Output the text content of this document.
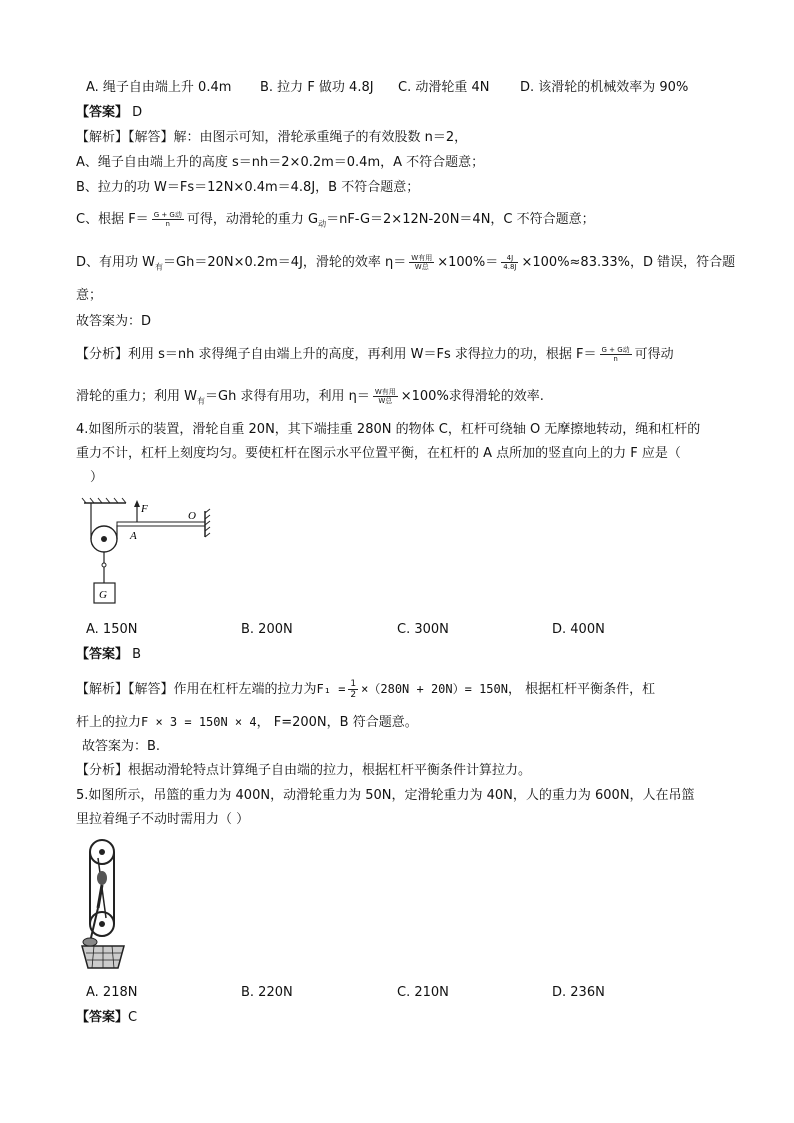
A. 绳子自由端上升 0.4m B. 拉力 F 做功 4.8J C. 动滑轮重 4N D. 该滑轮的机械效率为 90%
【答案】 D
【解析】【解答】解：由图示可知，滑轮承重绳子的有效股数 n＝2，
A、绳子自由端上升的高度 s＝nh＝2×0.2m＝0.4m，A 不符合题意；
B、拉力的功 W＝Fs＝12N×0.4m＝4.8J，B 不符合题意；
C、根据 $F= \frac{\text{G + G动}}{n}$ 可得，动滑轮的重力 $G_动=nF-G=2\times 12N-20N=4N$，C 不符合题意；
D、有用功 $W_有=Gh=20N\times 0.2m=4J$，滑轮的效率 $\eta= \frac{\text{W有用}}{\text{W总}} \times 100\%= \frac{4J}{4.8J} \times 100\%\approx 83.33\%$，D 错误，符合题
意；
故答案为：D
【分析】利用 s＝nh 求得绳子自由端上升的高度，再利用 W＝Fs 求得拉力的功，根据 $F= \frac{\text{G + G动}}{n}$ 可得动
滑轮的重力；利用 $W_有=Gh$ 求得有用功，利用 $\eta= \frac{\text{W有用}}{\text{W总}} \times 100\%$求得滑轮的效率.
4.如图所示的装置，滑轮自重 20N，其下端挂重 280N 的物体 C，杠杆可绕轴 O 无摩擦地转动，绳和杠杆的
重力不计，杠杆上刻度均匀。要使杠杆在图示水平位置平衡，在杠杆的 A 点所加的竖直向上的力 F 应是（
）
F
O
A
G
A. 150N	B. 200N	C. 300N	D. 400N
【答案】 B
【解析】【解答】作用在杠杆左端的拉力为$F_1 = \frac{1}{2} \times(280N + 20N)= 150N$， 根据杠杆平衡条件，杠
杆上的拉力F × 3 = 150N × 4， F=200N，B 符合题意。
故答案为：B.
【分析】根据动滑轮特点计算绳子自由端的拉力，根据杠杆平衡条件计算拉力。
5.如图所示，吊篮的重力为 400N，动滑轮重力为 50N，定滑轮重力为 40N，人的重力为 600N，人在吊篮
里拉着绳子不动时需用力（ ）
A. 218N	B. 220N	C. 210N	D. 236N
【答案】C
